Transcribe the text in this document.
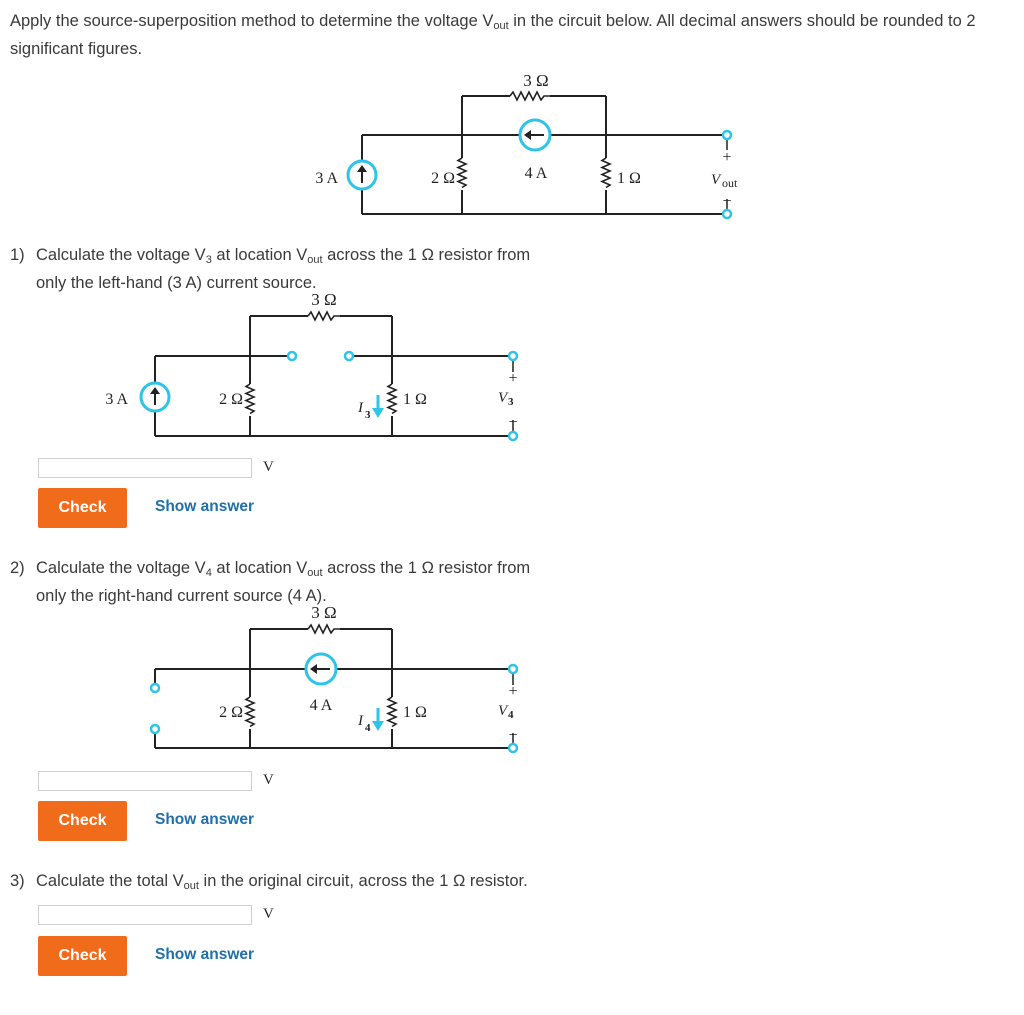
Apply the source-superposition method to determine the voltage $V_{out}$ in the circuit below. All decimal answers should be rounded to 2 significant figures.
3 Ω
3 A	2 Ω	4 A	1 Ω
+
V out
−
1) Calculate the voltage $V_3$ at location $V_{out}$ across the 1 Ω resistor from
only the left-hand (3 A) current source.
3 Ω
3 A	2 Ω	I 3
1 Ω
+
V 3
−
V
Check	Show answer
2) Calculate the voltage $V_4$ at location $V_{out}$ across the 1 Ω resistor from
only the right-hand current source (4 A).
3 Ω
2 Ω	4 A
I 4
1 Ω
+
V 4
−
V
Check	Show answer
3) Calculate the total $V_{out}$ in the original circuit, across the 1 Ω resistor.
V
Check	Show answer
